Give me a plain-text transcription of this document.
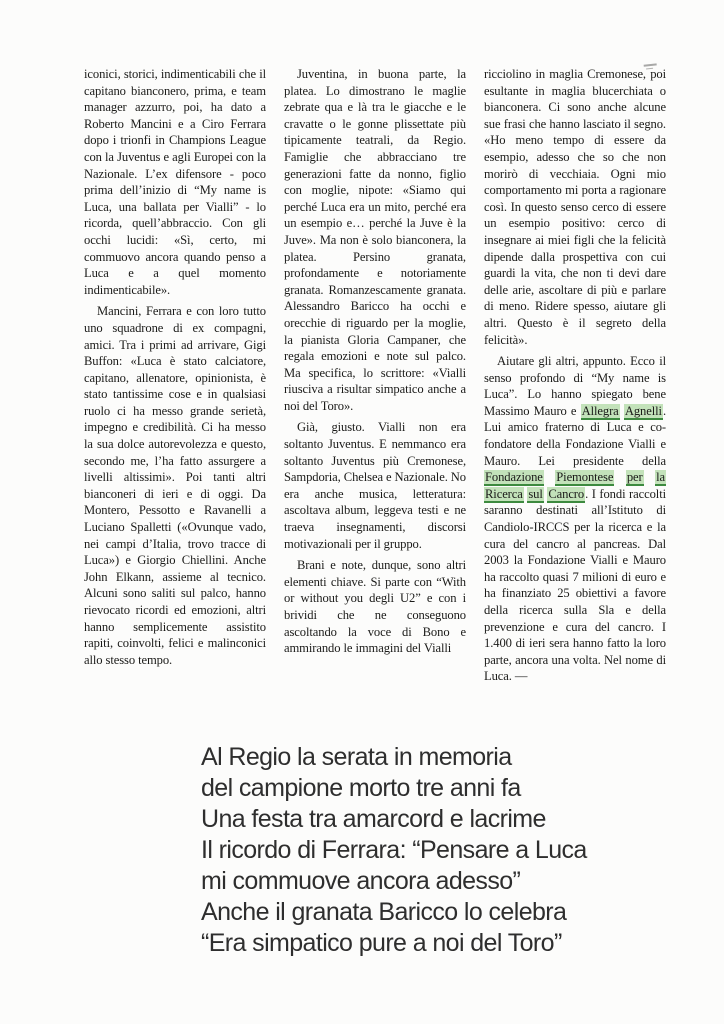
iconici, storici, indimenticabili che il capitano bianconero, prima, e team manager azzurro, poi, ha dato a Roberto Mancini e a Ciro Ferrara dopo i trionfi in Champions League con la Juventus e agli Europei con la Nazionale. L’ex difensore - poco prima dell’inizio di “My name is Luca, una ballata per Vialli” - lo ricorda, quell’abbraccio. Con gli occhi lucidi: «Sì, certo, mi commuovo ancora quando penso a Luca e a quel momento indimenticabile».

Mancini, Ferrara e con loro tutto uno squadrone di ex compagni, amici. Tra i primi ad arrivare, Gigi Buffon: «Luca è stato calciatore, capitano, allenatore, opinionista, è stato tantissime cose e in qualsiasi ruolo ci ha messo grande serietà, impegno e credibilità. Ci ha messo la sua dolce autorevolezza e questo, secondo me, l’ha fatto assurgere a livelli altissimi». Poi tanti altri bianconeri di ieri e di oggi. Da Montero, Pessotto e Ravanelli a Luciano Spalletti («Ovunque vado, nei campi d’Italia, trovo tracce di Luca») e Giorgio Chiellini. Anche John Elkann, assieme al tecnico. Alcuni sono saliti sul palco, hanno rievocato ricordi ed emozioni, altri hanno semplicemente assistito rapiti, coinvolti, felici e malinconici allo stesso tempo.

Juventina, in buona parte, la platea. Lo dimostrano le maglie zebrate qua e là tra le giacche e le cravatte o le gonne plissettate più tipicamente teatrali, da Regio. Famiglie che abbracciano tre generazioni fatte da nonno, figlio con moglie, nipote: «Siamo qui perché Luca era un mito, perché era un esempio e… perché la Juve è la Juve». Ma non è solo bianconera, la platea. Persino granata, profondamente e notoriamente granata. Romanzescamente granata. Alessandro Baricco ha occhi e orecchie di riguardo per la moglie, la pianista Gloria Campaner, che regala emozioni e note sul palco. Ma specifica, lo scrittore: «Vialli riusciva a risultar simpatico anche a noi del Toro».

Già, giusto. Vialli non era soltanto Juventus. E nemmanco era soltanto Juventus più Cremonese, Sampdoria, Chelsea e Nazionale. No era anche musica, letteratura: ascoltava album, leggeva testi e ne traeva insegnamenti, discorsi motivazionali per il gruppo.

Brani e note, dunque, sono altri elementi chiave. Si parte con “With or without you degli U2” e con i brividi che ne conseguono ascoltando la voce di Bono e ammirando le immagini del Vialli

ricciolino in maglia Cremonese, poi esultante in maglia blucerchiata o bianconera. Ci sono anche alcune sue frasi che hanno lasciato il segno. «Ho meno tempo di essere da esempio, adesso che so che non morirò di vecchiaia. Ogni mio comportamento mi porta a ragionare così. In questo senso cerco di essere un esempio positivo: cerco di insegnare ai miei figli che la felicità dipende dalla prospettiva con cui guardi la vita, che non ti devi dare delle arie, ascoltare di più e parlare di meno. Ridere spesso, aiutare gli altri. Questo è il segreto della felicità».

Aiutare gli altri, appunto. Ecco il senso profondo di “My name is Luca”. Lo hanno spiegato bene Massimo Mauro e Allegra Agnelli. Lui amico fraterno di Luca e co-fondatore della Fondazione Vialli e Mauro. Lei presidente della Fondazione Piemontese per la Ricerca sul Cancro. I fondi raccolti saranno destinati all’Istituto di Candiolo-IRCCS per la ricerca e la cura del cancro al pancreas. Dal 2003 la Fondazione Vialli e Mauro ha raccolto quasi 7 milioni di euro e ha finanziato 25 obiettivi a favore della ricerca sulla Sla e della prevenzione e cura del cancro. I 1.400 di ieri sera hanno fatto la loro parte, ancora una volta. Nel nome di Luca. —

Al Regio la serata in memoria
del campione morto tre anni fa
Una festa tra amarcord e lacrime
Il ricordo di Ferrara: “Pensare a Luca
mi commuove ancora adesso”
Anche il granata Baricco lo celebra
“Era simpatico pure a noi del Toro”
